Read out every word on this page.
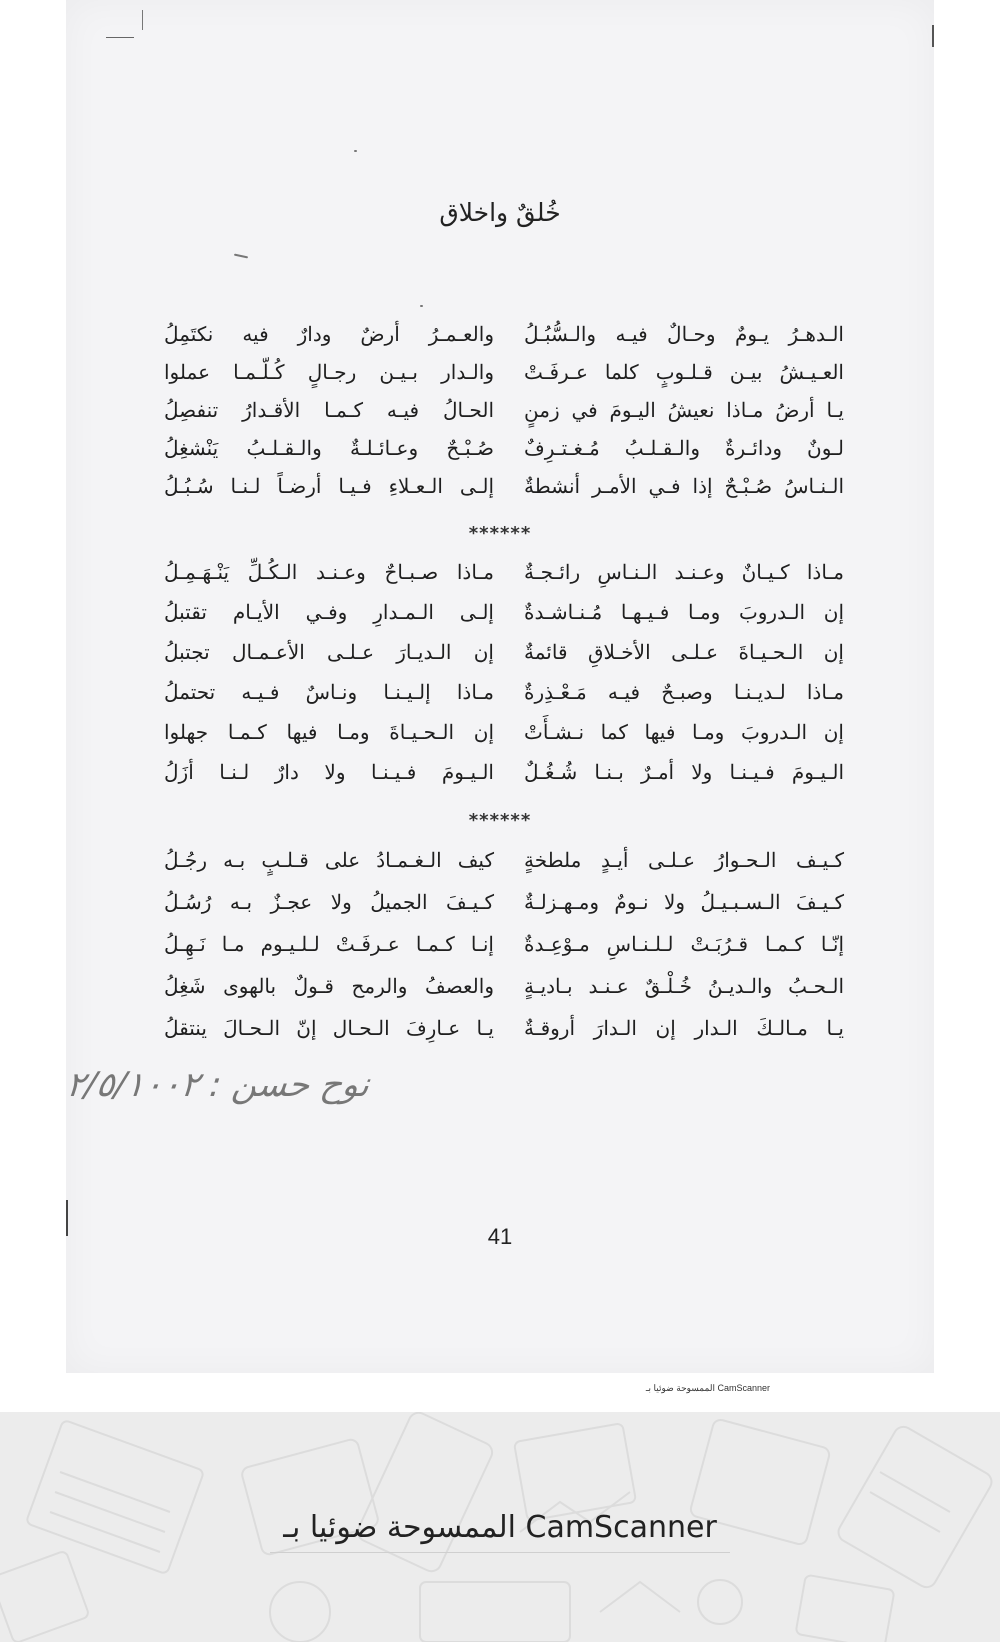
خُلقٌ واخلاق
الـدهـرُ يـومٌ وحـالٌ فيـه والـسُّبُـلُ
والعـمـرُ أرضٌ ودارٌ فيه نكتَمِلُ
العـيـشُ بيـن قـلـوبٍ كلما عـرفَـتْ
والـدار بـيـن رجـالٍ كُـلّـمـا عملوا
يـا أرضُ مـاذا نعيشُ اليـومَ في زمنٍ
الحـالُ فيـه كـمـا الأقـدارُ تنفصِلُ
لـونٌ ودائـرةٌ والـقـلـبُ مُـغـتـرِفٌ
صُـبْـحٌ وعـائـلـةٌ والـقـلـبُ يَنْشغِلُ
الـنـاسُ صُـبْـحٌ إذا فـي الأمـر أنشطةٌ
إلـى الـعـلاءِ فـيـا أرضـاً لـنـا سُـبُـلُ
******
مـاذا كـيـانٌ وعـنـد الـنـاسِ رائـجـةٌ
مـاذا صـبـاحٌ وعـنـد الـكُـلِّ يَنْـهَـمِـلُ
إن الـدروبَ ومـا فـيـهـا مُـنـاشـدةٌ
إلـى الـمـدارِ وفـي الأيـام تقتبلُ
إن الـحـيـاةَ عـلـى الأخـلاقِ قائمةٌ
إن الـديـارَ عـلـى الأعـمـال تجتبلُ
مـاذا لـديـنـا وصبـحٌ فيـه مَـعْـذِرةٌ
مـاذا إلـيـنـا ونـاسٌ فـيـه تحتملُ
إن الـدروبَ ومـا فيها كما نـشـأَتْ
إن الـحـيـاةَ ومـا فيها كـمـا جهلوا
الـيـومَ فـيـنـا ولا أمـرٌ بـنـا شُـغُـلٌ
الـيـومَ فـيـنـا ولا دارٌ لـنـا أزَلُ
******
كـيـف الـحـوارُ عـلـى أيـدٍ ملطخةٍ
كيف الـغـمـادُ على قـلـبٍ بـه رجُـلُ
كـيـفَ الـسـبـيـلُ ولا نـومٌ ومـهـزلـةٌ
كـيـفَ الجميلُ ولا عجـزٌ بـه رُسُـلُ
إنّـا كـمـا قـرُبَـتْ لـلـنـاسِ مـوْعِـدةٌ
إنـا كـمـا عـرفَـتْ لـلـيـوم مـا نَـهِـلُ
الـحـبُ والـديـنُ خُـلْـقٌ عـنـد بـاديـةٍ
والعصفُ والرمح قـولٌ بالهوى شَغِلُ
يـا مـالـكَ الـدار إن الـدارَ أروقـةٌ
يـا عـارِفَ الـحـال إنّ الـحـالَ ينتقلُ
نوح حسن : ٢/٥/١٠٠٢
41
الممسوحة ضوئيا بـ CamScanner
الممسوحة ضوئيا بـ CamScanner
